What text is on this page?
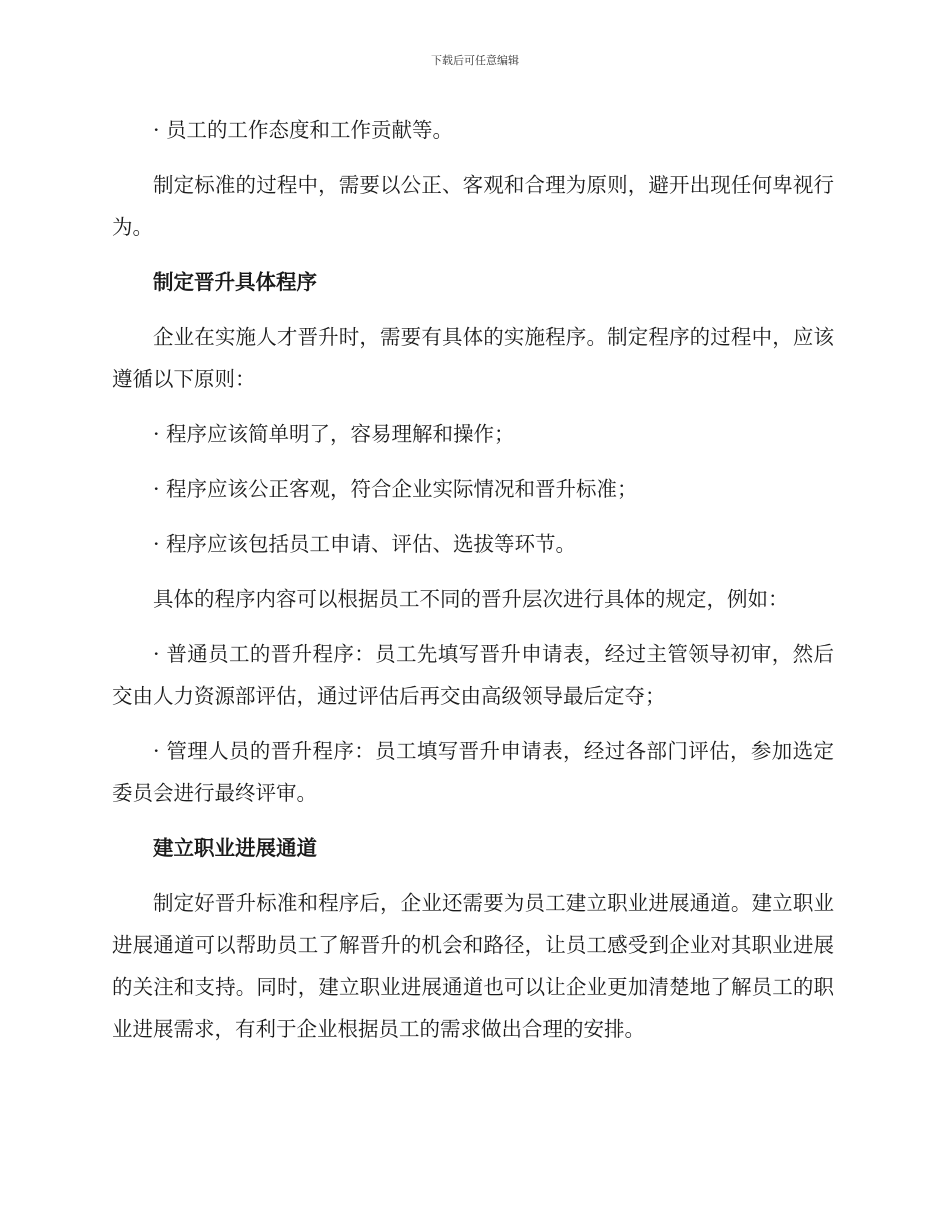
下载后可任意编辑

· 员工的工作态度和工作贡献等。

制定标准的过程中，需要以公正、客观和合理为原则，避开出现任何卑视行为。

制定晋升具体程序

企业在实施人才晋升时，需要有具体的实施程序。制定程序的过程中，应该遵循以下原则：

· 程序应该简单明了，容易理解和操作；

· 程序应该公正客观，符合企业实际情况和晋升标准；

· 程序应该包括员工申请、评估、选拔等环节。

具体的程序内容可以根据员工不同的晋升层次进行具体的规定，例如：

· 普通员工的晋升程序：员工先填写晋升申请表，经过主管领导初审，然后交由人力资源部评估，通过评估后再交由高级领导最后定夺；

· 管理人员的晋升程序：员工填写晋升申请表，经过各部门评估，参加选定委员会进行最终评审。

建立职业进展通道

制定好晋升标准和程序后，企业还需要为员工建立职业进展通道。建立职业进展通道可以帮助员工了解晋升的机会和路径，让员工感受到企业对其职业进展的关注和支持。同时，建立职业进展通道也可以让企业更加清楚地了解员工的职业进展需求，有利于企业根据员工的需求做出合理的安排。
